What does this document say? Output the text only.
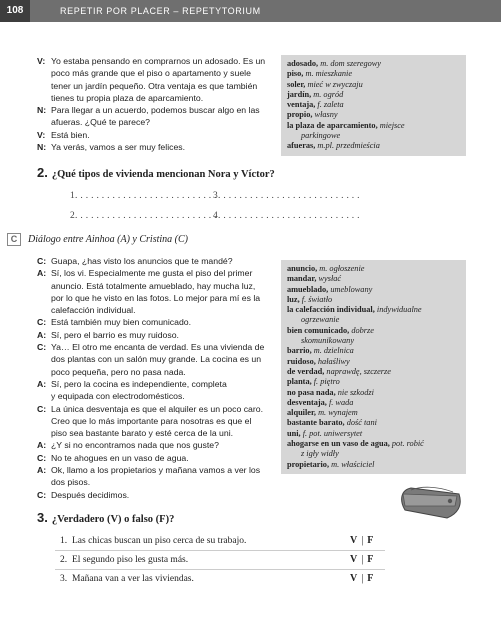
108	REPETIR POR PLACER – REPETYTORIUM
V: Yo estaba pensando en comprarnos un adosado. Es un
poco más grande que el piso o apartamento y suele
tener un jardín pequeño. Otra ventaja es que también
tienes tu propia plaza de aparcamiento.
N: Para llegar a un acuerdo, podemos buscar algo en las
afueras. ¿Qué te parece?
V: Está bien.
N: Ya verás, vamos a ser muy felices.

adosado, m. dom szeregowy

piso, m. mieszkanie

soler, mieć w zwyczaju

jardín, m. ogród

ventaja, f. zaleta

propio, własny

la plaza de aparcamiento, miejsce

parkingowe

afueras, m.pl. przedmieścia

2. ¿Qué tipos de vivienda mencionan Nora y Víctor?
1. . . . . . . . . . . . . . . . . . . . . . . . . . .
3. . . . . . . . . . . . . . . . . . . . . . . . . . .
2. . . . . . . . . . . . . . . . . . . . . . . . . . .
4. . . . . . . . . . . . . . . . . . . . . . . . . . .
C	Diálogo entre Ainhoa (A) y Cristina (C)
C: Guapa, ¿has visto los anuncios que te mandé?
A: Sí, los vi. Especialmente me gusta el piso del primer
anuncio. Está totalmente amueblado, hay mucha luz,
por lo que he visto en las fotos. Lo mejor para mí es la
calefacción individual.
C: Está también muy bien comunicado.
A: Sí, pero el barrio es muy ruidoso.
C: Ya… El otro me encanta de verdad. Es una vivienda de
dos plantas con un salón muy grande. La cocina es un
poco pequeña, pero no pasa nada.
A: Sí, pero la cocina es independiente, completa
y equipada con electrodomésticos.
C: La única desventaja es que el alquiler es un poco caro.
Creo que lo más importante para nosotras es que el
piso sea bastante barato y esté cerca de la uni.
A: ¿Y si no encontramos nada que nos guste?
C: No te ahogues en un vaso de agua.
A: Ok, llamo a los propietarios y mañana vamos a ver los
dos pisos.
C: Después decidimos.

anuncio, m. ogłoszenie

mandar, wysłać

amueblado, umeblowany

luz, f. światło

la calefacción individual, indywidualne

ogrzewanie

bien comunicado, dobrze

skomunikowany

barrio, m. dzielnica

ruidoso, hałaśliwy

de verdad, naprawdę, szczerze

planta, f. piętro

no pasa nada, nie szkodzi

desventaja, f. wada

alquiler, m. wynajem

bastante barato, dość tani

uni, f. pot. uniwersytet

ahogarse en un vaso de agua, pot. robić

z igły widły

propietario, m. właściciel

3. ¿Verdadero (V) o falso (F)?
1. Las chicas buscan un piso cerca de su trabajo.	V | F
2. El segundo piso les gusta más.	V | F
3. Mañana van a ver las viviendas.	V | F
